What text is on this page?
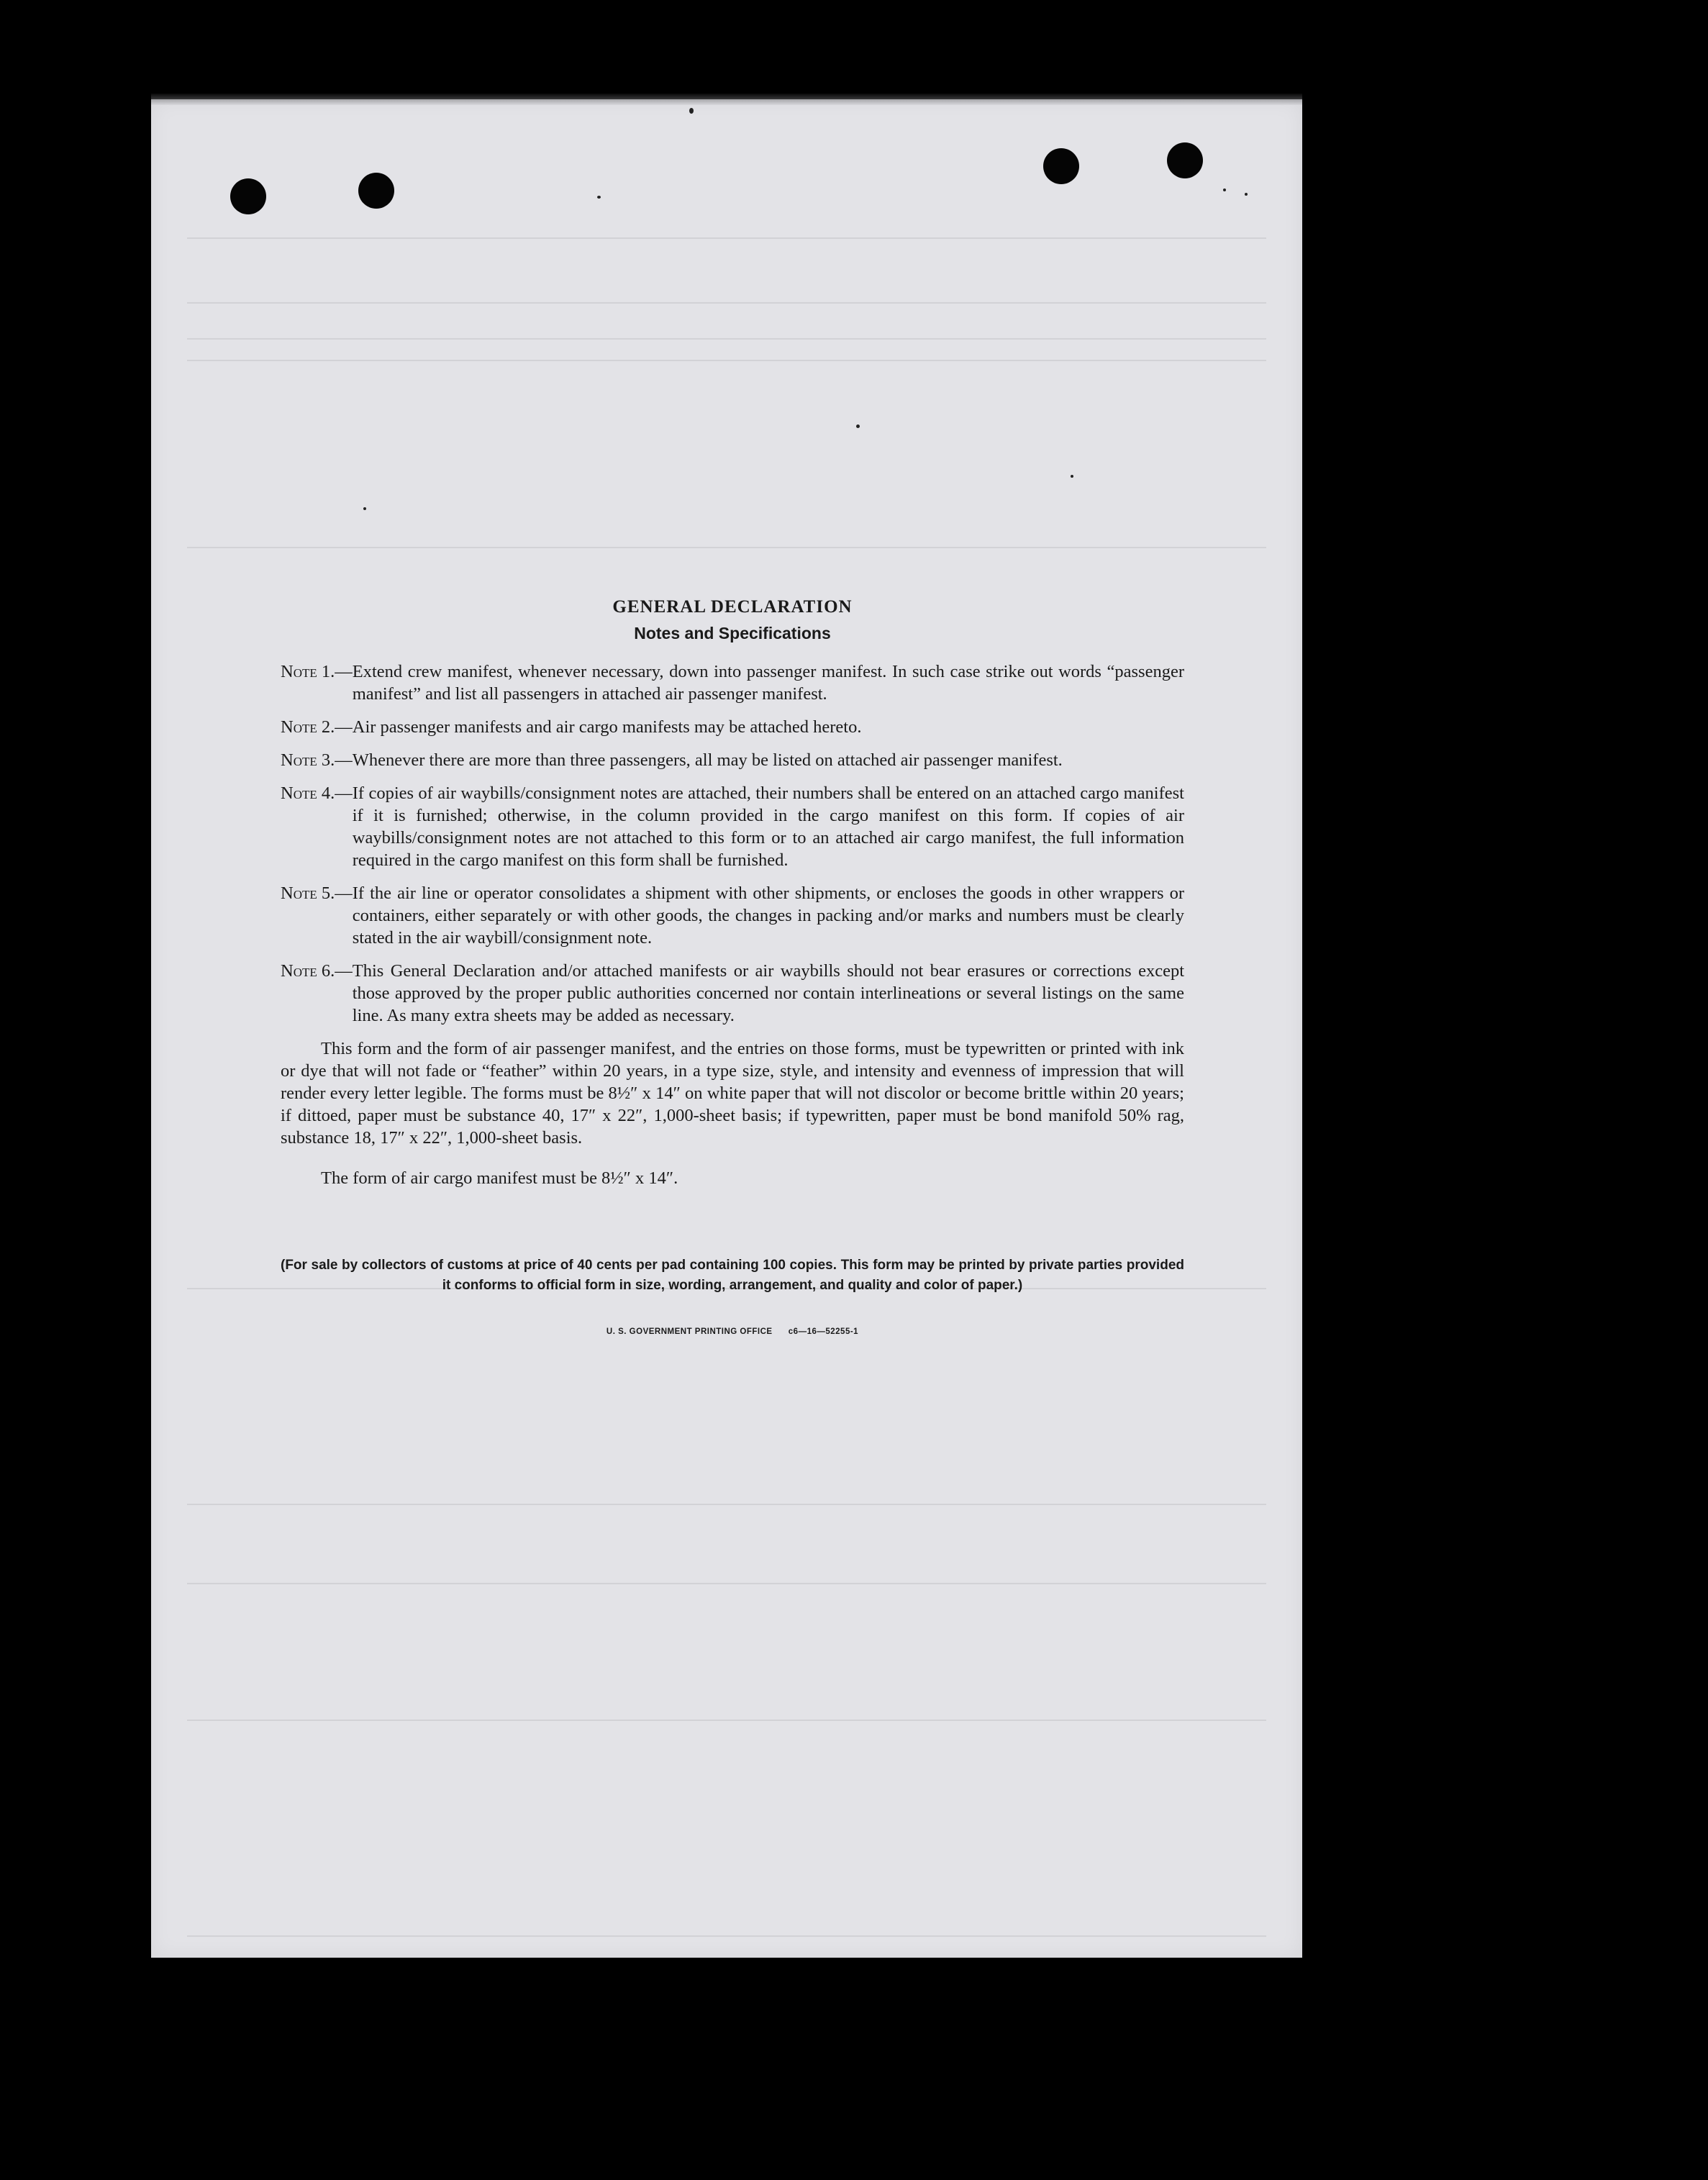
GENERAL DECLARATION
Notes and Specifications
Note 1. — Extend crew manifest, whenever necessary, down into passenger manifest. In such case strike out words “passenger manifest” and list all passengers in attached air passenger manifest.
Note 2. — Air passenger manifests and air cargo manifests may be attached hereto.
Note 3. — Whenever there are more than three passengers, all may be listed on attached air passenger manifest.
Note 4. — If copies of air waybills/consignment notes are attached, their numbers shall be entered on an attached cargo manifest if it is furnished; otherwise, in the column provided in the cargo manifest on this form. If copies of air waybills/consignment notes are not attached to this form or to an attached air cargo manifest, the full information required in the cargo manifest on this form shall be furnished.
Note 5. — If the air line or operator consolidates a shipment with other shipments, or encloses the goods in other wrappers or containers, either separately or with other goods, the changes in packing and/or marks and numbers must be clearly stated in the air waybill/consignment note.
Note 6. — This General Declaration and/or attached manifests or air waybills should not bear erasures or corrections except those approved by the proper public authorities concerned nor contain interlineations or several listings on the same line. As many extra sheets may be added as necessary.

This form and the form of air passenger manifest, and the entries on those forms, must be typewritten or printed with ink or dye that will not fade or “feather” within 20 years, in a type size, style, and intensity and evenness of impression that will render every letter legible. The forms must be 8½″ x 14″ on white paper that will not discolor or become brittle within 20 years; if dittoed, paper must be substance 40, 17″ x 22″, 1,000-sheet basis; if typewritten, paper must be bond manifold 50% rag, substance 18, 17″ x 22″, 1,000-sheet basis.

The form of air cargo manifest must be 8½″ x 14″.

(For sale by collectors of customs at price of 40 cents per pad containing 100 copies. This form may be printed by private parties provided it conforms to official form in size, wording, arrangement, and quality and color of paper.)
U. S. GOVERNMENT PRINTING OFFICE c6—16—52255-1
